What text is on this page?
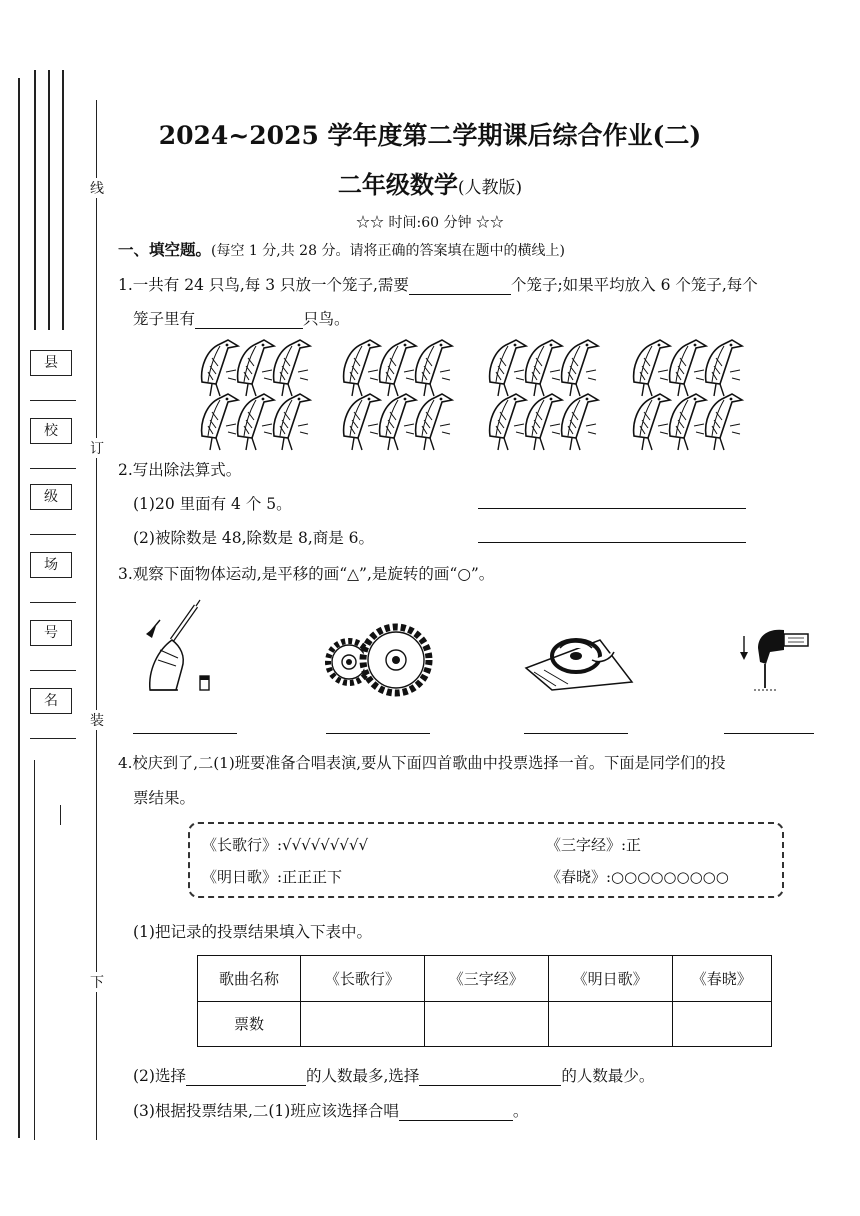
线
订
装
下
县
校
级
场
号
名
2024~2025 学年度第二学期课后综合作业(二)
二年级数学(人教版)
☆☆ 时间:60 分钟 ☆☆
一、填空题。(每空 1 分,共 28 分。请将正确的答案填在题中的横线上)
1.一共有 24 只鸟,每 3 只放一个笼子,需要	个笼子;如果平均放入 6 个笼子,每个
笼子里有	只鸟。
2.写出除法算式。
(1)20 里面有 4 个 5。
(2)被除数是 48,除数是 8,商是 6。
3.观察下面物体运动,是平移的画“△”,是旋转的画“○”。
4.校庆到了,二(1)班要准备合唱表演,要从下面四首歌曲中投票选择一首。下面是同学们的投
票结果。
《长歌行》:√√√√√√√√√	《三字经》:正
《明日歌》:正正正下	《春晓》:○○○○○○○○○
(1)把记录的投票结果填入下表中。
歌曲名称	《长歌行》	《三字经》	《明日歌》	《春晓》
票数				
(2)选择	的人数最多,选择	的人数最少。
(3)根据投票结果,二(1)班应该选择合唱	。
